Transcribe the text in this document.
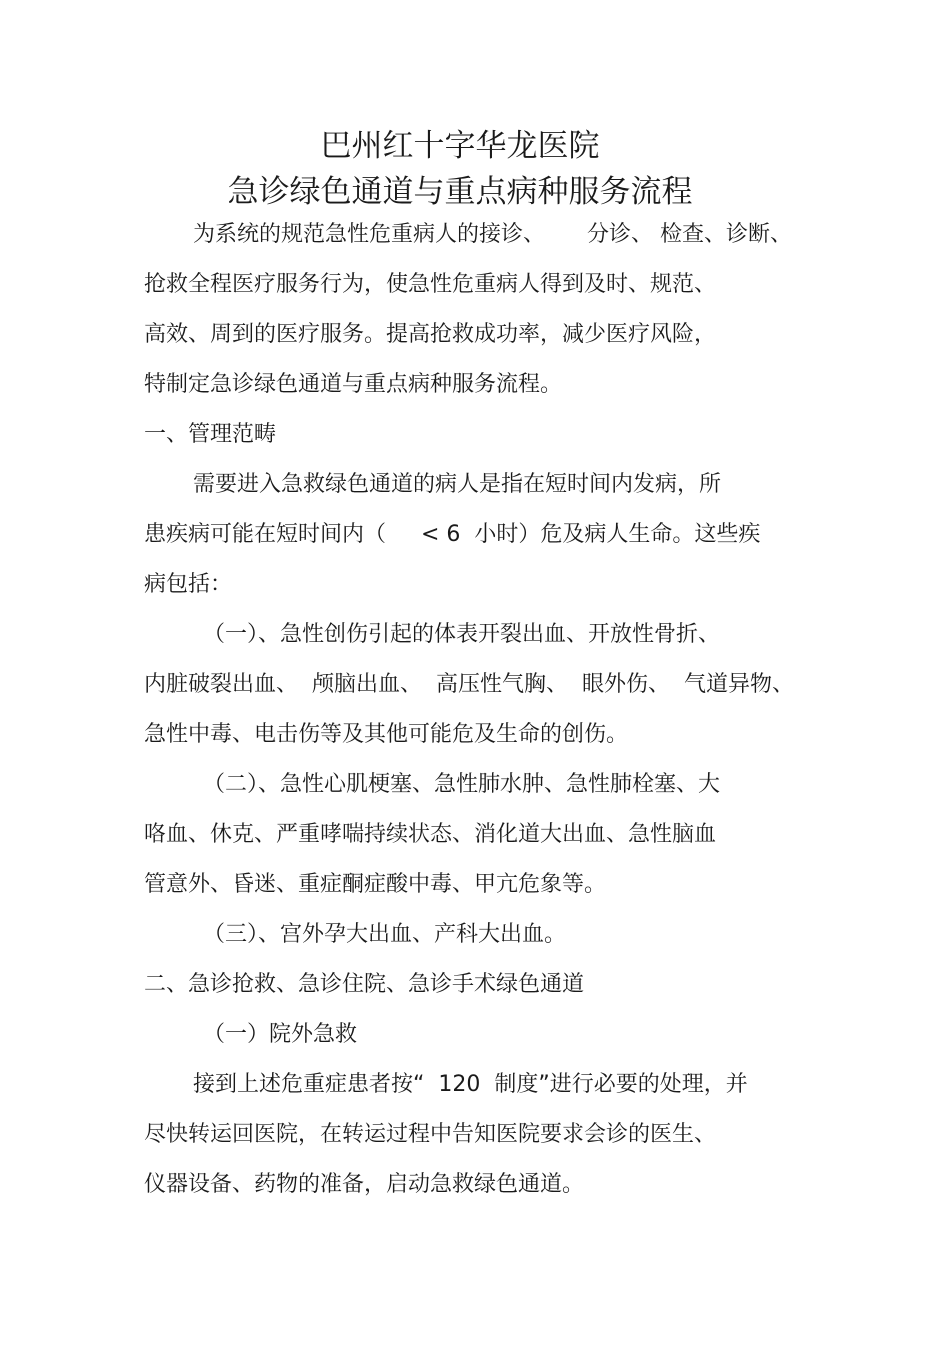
巴州红十字华龙医院
急诊绿色通道与重点病种服务流程
为系统的规范急性危重病人的接诊、      分诊、 检查、诊断、
抢救全程医疗服务行为，使急性危重病人得到及时、规范、
高效、周到的医疗服务。提高抢救成功率，减少医疗风险，
特制定急诊绿色通道与重点病种服务流程。
一、管理范畴
需要进入急救绿色通道的病人是指在短时间内发病，所
患疾病可能在短时间内（     < 6  小时）危及病人生命。这些疾
病包括：
（一）、急性创伤引起的体表开裂出血、开放性骨折、
内脏破裂出血、  颅脑出血、  高压性气胸、  眼外伤、  气道异物、
急性中毒、电击伤等及其他可能危及生命的创伤。
（二）、急性心肌梗塞、急性肺水肿、急性肺栓塞、大
咯血、休克、严重哮喘持续状态、消化道大出血、急性脑血
管意外、昏迷、重症酮症酸中毒、甲亢危象等。
（三）、宫外孕大出血、产科大出血。
二、急诊抢救、急诊住院、急诊手术绿色通道
（一）院外急救
接到上述危重症患者按“  120  制度”进行必要的处理，并
尽快转运回医院，在转运过程中告知医院要求会诊的医生、
仪器设备、药物的准备，启动急救绿色通道。
